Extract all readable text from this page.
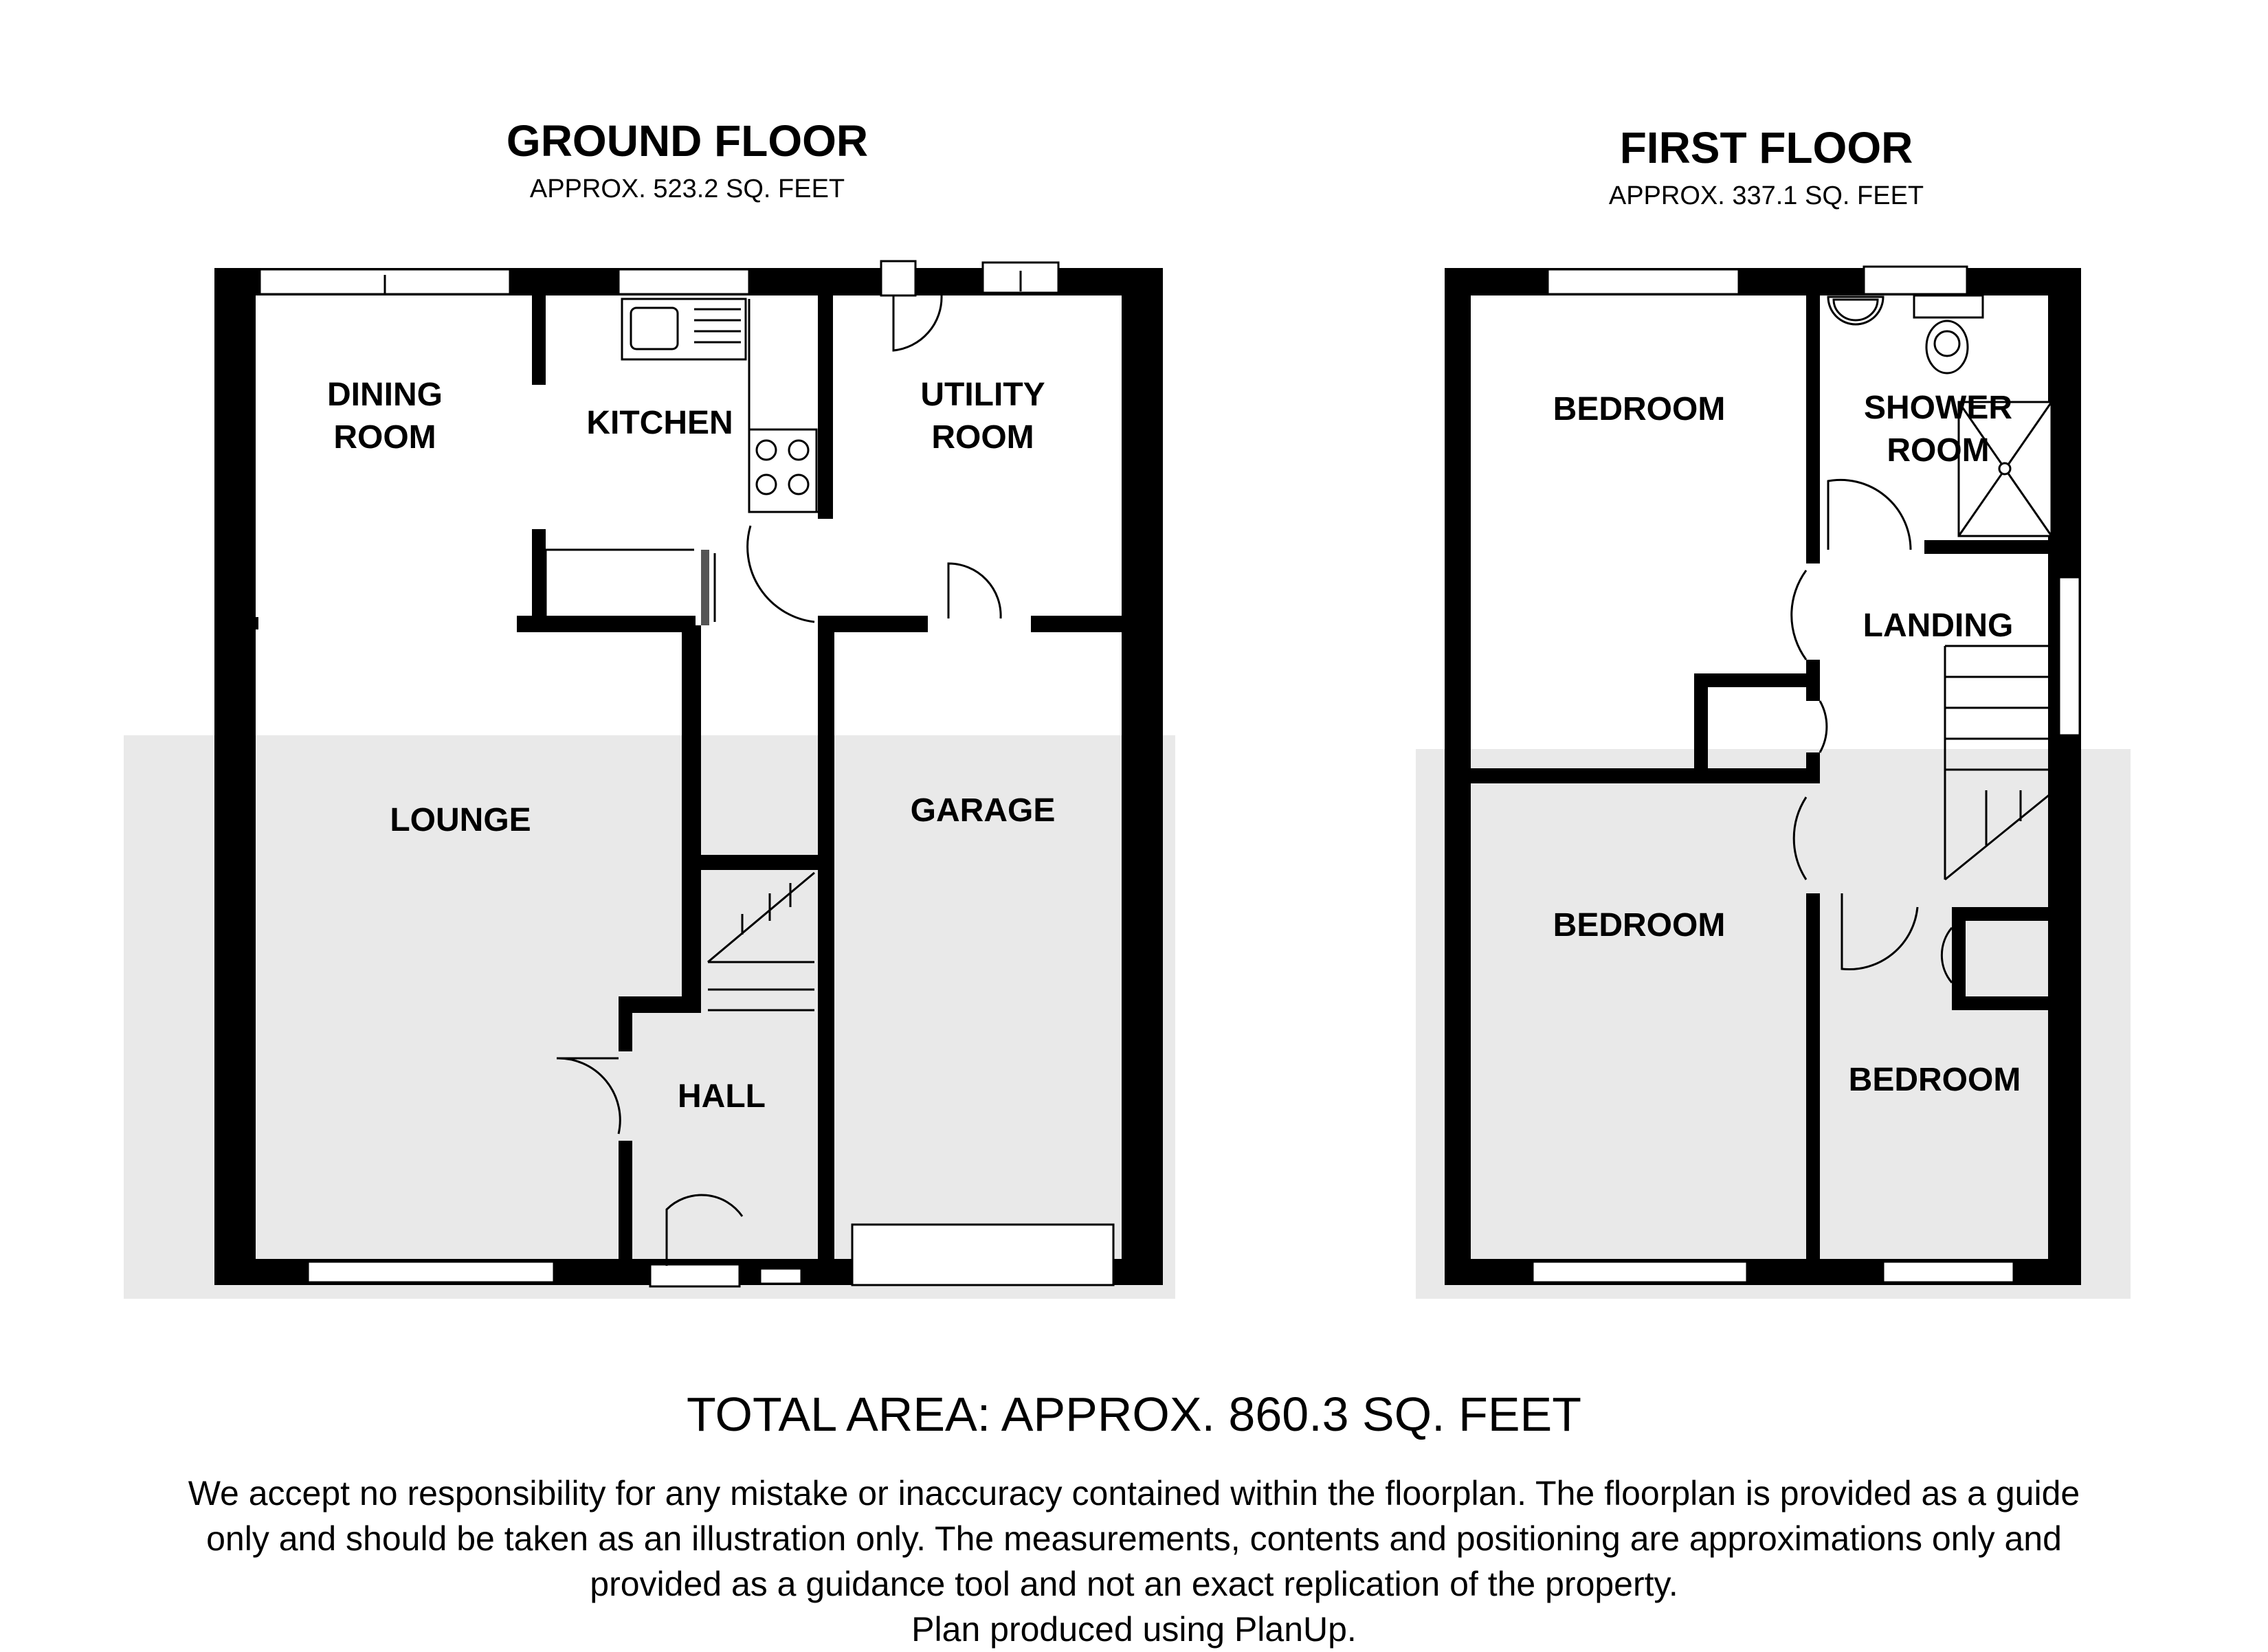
GROUND FLOOR
APPROX. 523.2 SQ. FEET
FIRST FLOOR
APPROX. 337.1 SQ. FEET
DINING
ROOM	KITCHEN
UTILITY
ROOM
LOUNGE	GARAGE
HALL
BEDROOM	SHOWER
ROOM
LANDING
BEDROOM
BEDROOM
TOTAL AREA: APPROX. 860.3 SQ. FEET
We accept no responsibility for any mistake or inaccuracy contained within the floorplan. The floorplan is provided as a guide
only and should be taken as an illustration only. The measurements, contents and positioning are approximations only and
provided as a guidance tool and not an exact replication of the property.
Plan produced using PlanUp.
